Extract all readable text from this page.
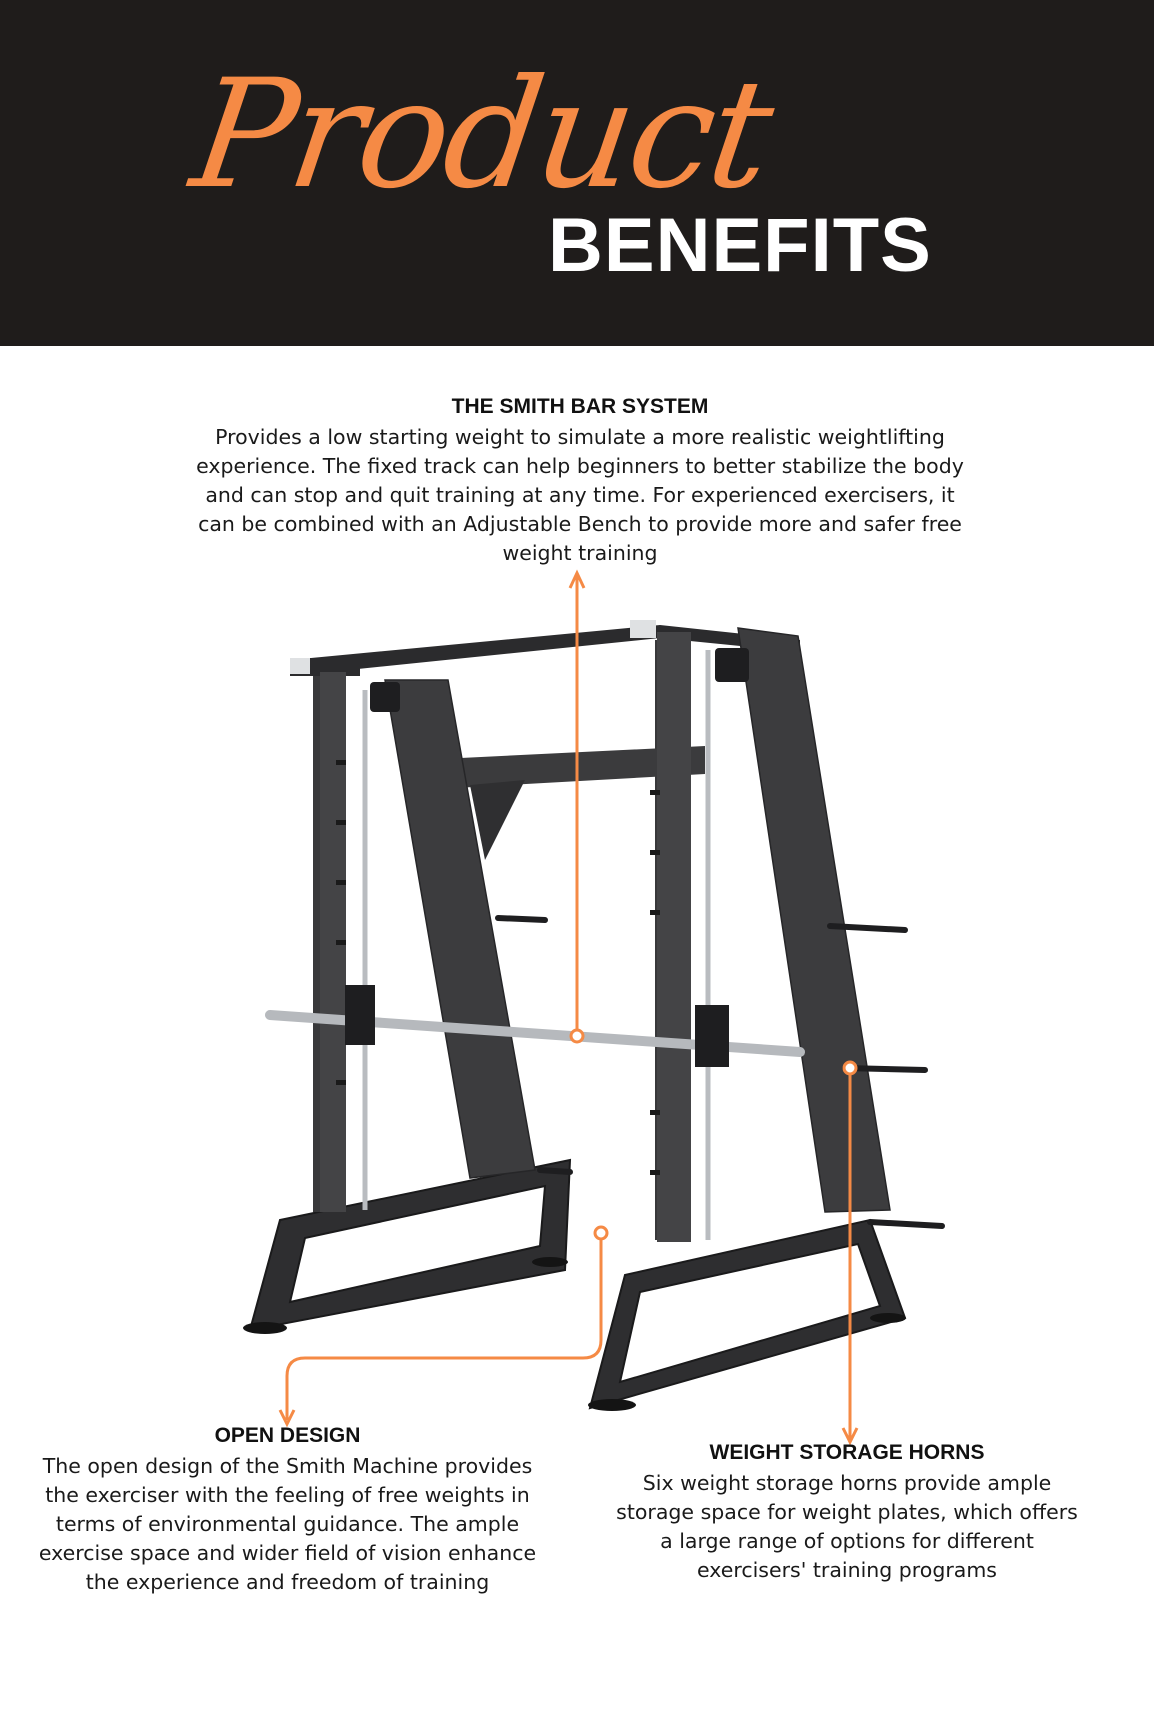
Product
BENEFITS
THE SMITH BAR SYSTEM

Provides a low starting weight to simulate a more realistic weightlifting experience. The fixed track can help beginners to better stabilize the body and can stop and quit training at any time. For experienced exercisers, it can be combined with an Adjustable Bench to provide more and safer free weight training

OPEN DESIGN

The open design of the Smith Machine provides the exerciser with the feeling of free weights in terms of environmental guidance. The ample exercise space and wider field of vision enhance the experience and freedom of training

WEIGHT STORAGE HORNS

Six weight storage horns provide ample storage space for weight plates, which offers a large range of options for different exercisers' training programs
